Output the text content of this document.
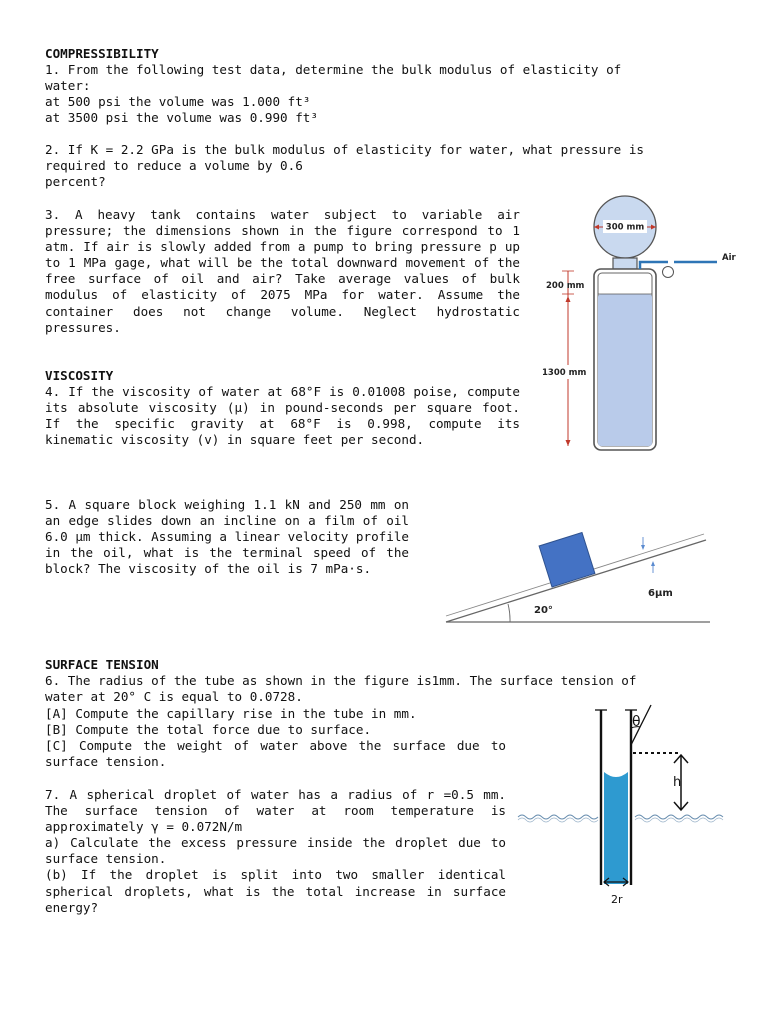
COMPRESSIBILITY

1. From the following test data, determine the bulk modulus of elasticity of

water:

at 500 psi the volume was 1.000 ft³

at 3500 psi the volume was 0.990 ft³

2. If K = 2.2 GPa is the bulk modulus of elasticity for water, what pressure is

required to reduce a volume by 0.6

percent?

3. A heavy tank contains water subject to variable air pressure; the dimensions shown in the figure correspond to 1 atm. If air is slowly added from a pump to bring pressure p up to 1 MPa gage, what will be the total downward movement of the free surface of oil and air? Take average values of bulk modulus of elasticity of 2075 MPa for water. Assume the container does not change volume. Neglect hydrostatic pressures.

300 mm
Air
200 mm
1300 mm

VISCOSITY

4. If the viscosity of water at 68°F is 0.01008 poise, compute its absolute viscosity (μ) in pound-seconds per square foot. If the specific gravity at 68°F is 0.998, compute its kinematic viscosity (v) in square feet per second.

5. A square block weighing 1.1 kN and 250 mm on an edge slides down an incline on a film of oil 6.0 μm thick. Assuming a linear velocity profile in the oil, what is the terminal speed of the block? The viscosity of the oil is 7 mPa·s.

20°
6μm

SURFACE TENSION

6. The radius of the tube as shown in the figure is1mm. The surface tension of

water at 20° C is equal to 0.0728.

[A] Compute the capillary rise in the tube in mm.

[B] Compute the total force due to surface.

[C] Compute the weight of water above the surface due to surface tension.

7. A spherical droplet of water has a radius of r =0.5 mm. The surface tension of water at room temperature is approximately γ = 0.072N/m

a) Calculate the excess pressure inside the droplet due to surface tension.

(b) If the droplet is split into two smaller identical spherical droplets, what is the total increase in surface energy?

θ
h
2r
